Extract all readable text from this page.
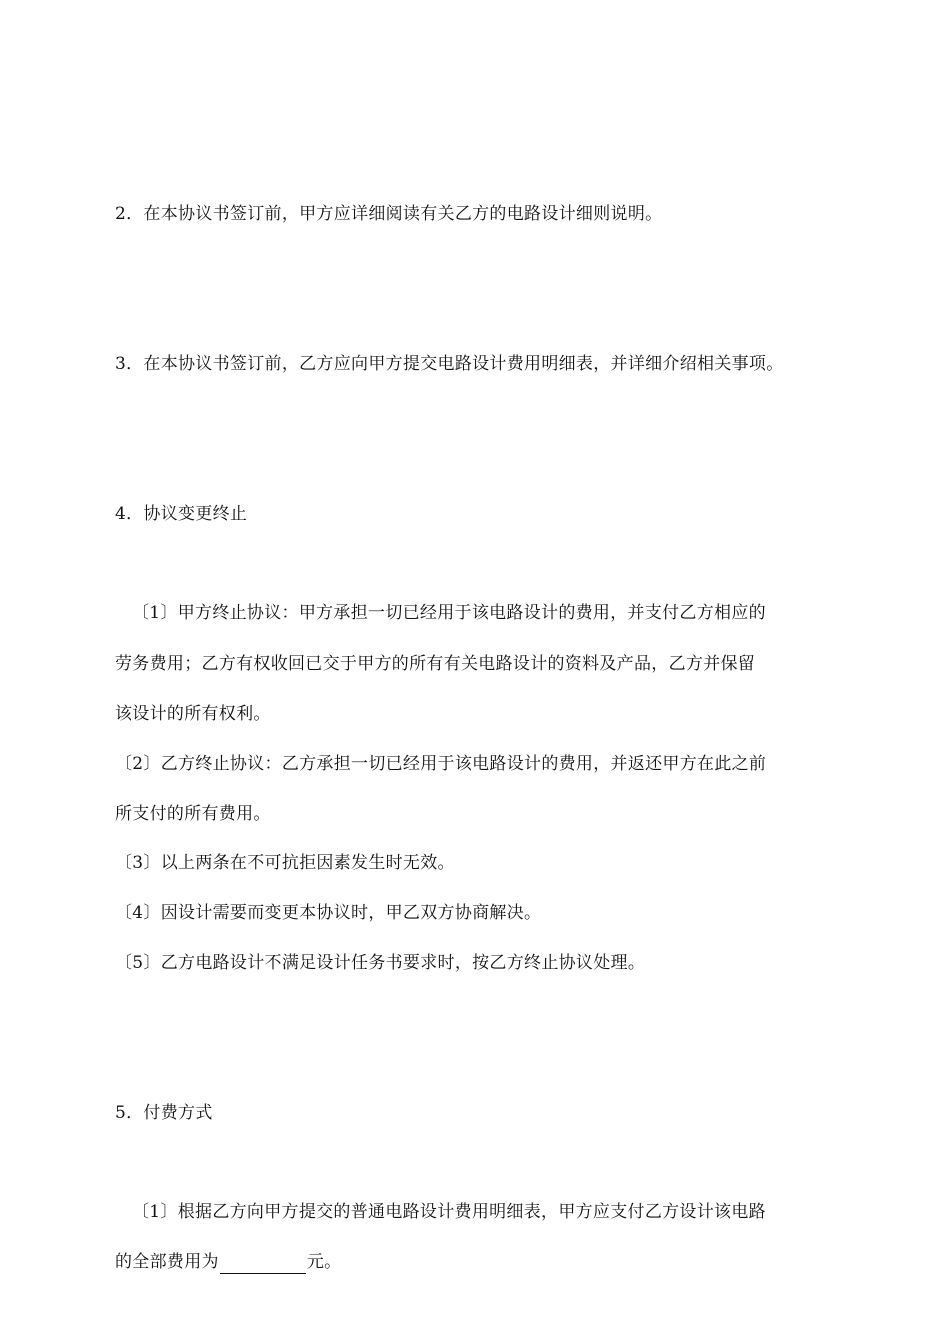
2．在本协议书签订前，甲方应详细阅读有关乙方的电路设计细则说明。
3．在本协议书签订前，乙方应向甲方提交电路设计费用明细表，并详细介绍相关事项。
4．协议变更终止
〔1〕甲方终止协议：甲方承担一切已经用于该电路设计的费用，并支付乙方相应的
劳务费用；乙方有权收回已交于甲方的所有有关电路设计的资料及产品，乙方并保留
该设计的所有权利。
〔2〕乙方终止协议：乙方承担一切已经用于该电路设计的费用，并返还甲方在此之前
所支付的所有费用。
〔3〕以上两条在不可抗拒因素发生时无效。
〔4〕因设计需要而变更本协议时，甲乙双方协商解决。
〔5〕乙方电路设计不满足设计任务书要求时，按乙方终止协议处理。
5．付费方式
〔1〕根据乙方向甲方提交的普通电路设计费用明细表，甲方应支付乙方设计该电路
的全部费用为	元。
